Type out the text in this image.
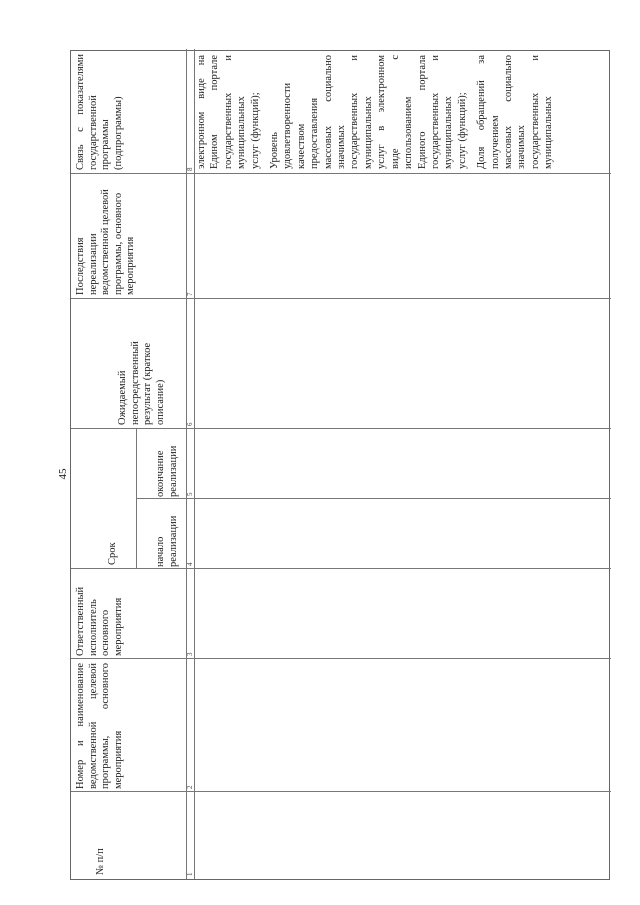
45
№ п/п
Номер и наименование ведомственной целевой программы, основного мероприятия
Ответственный исполнитель основного мероприятия
Срок	начало реализации
окончание реализации
Ожидаемый непосредственный результат (краткое описание)
Последствия нереализации ведомственной целевой программы, основного мероприятия
Связь с показателями государственной программы (подпрограммы)
1
2
3
4
5
6
7
8
электронном виде на Едином портале государственных и муниципальных услуг (функций); Уровень удовлетворенности качеством предоставления массовых социально значимых государственных и муниципальных услуг в электронном виде с использованием Единого портала государственных и муниципальных услуг (функций); Доля обращений за получением массовых социально значимых государственных и муниципальных
